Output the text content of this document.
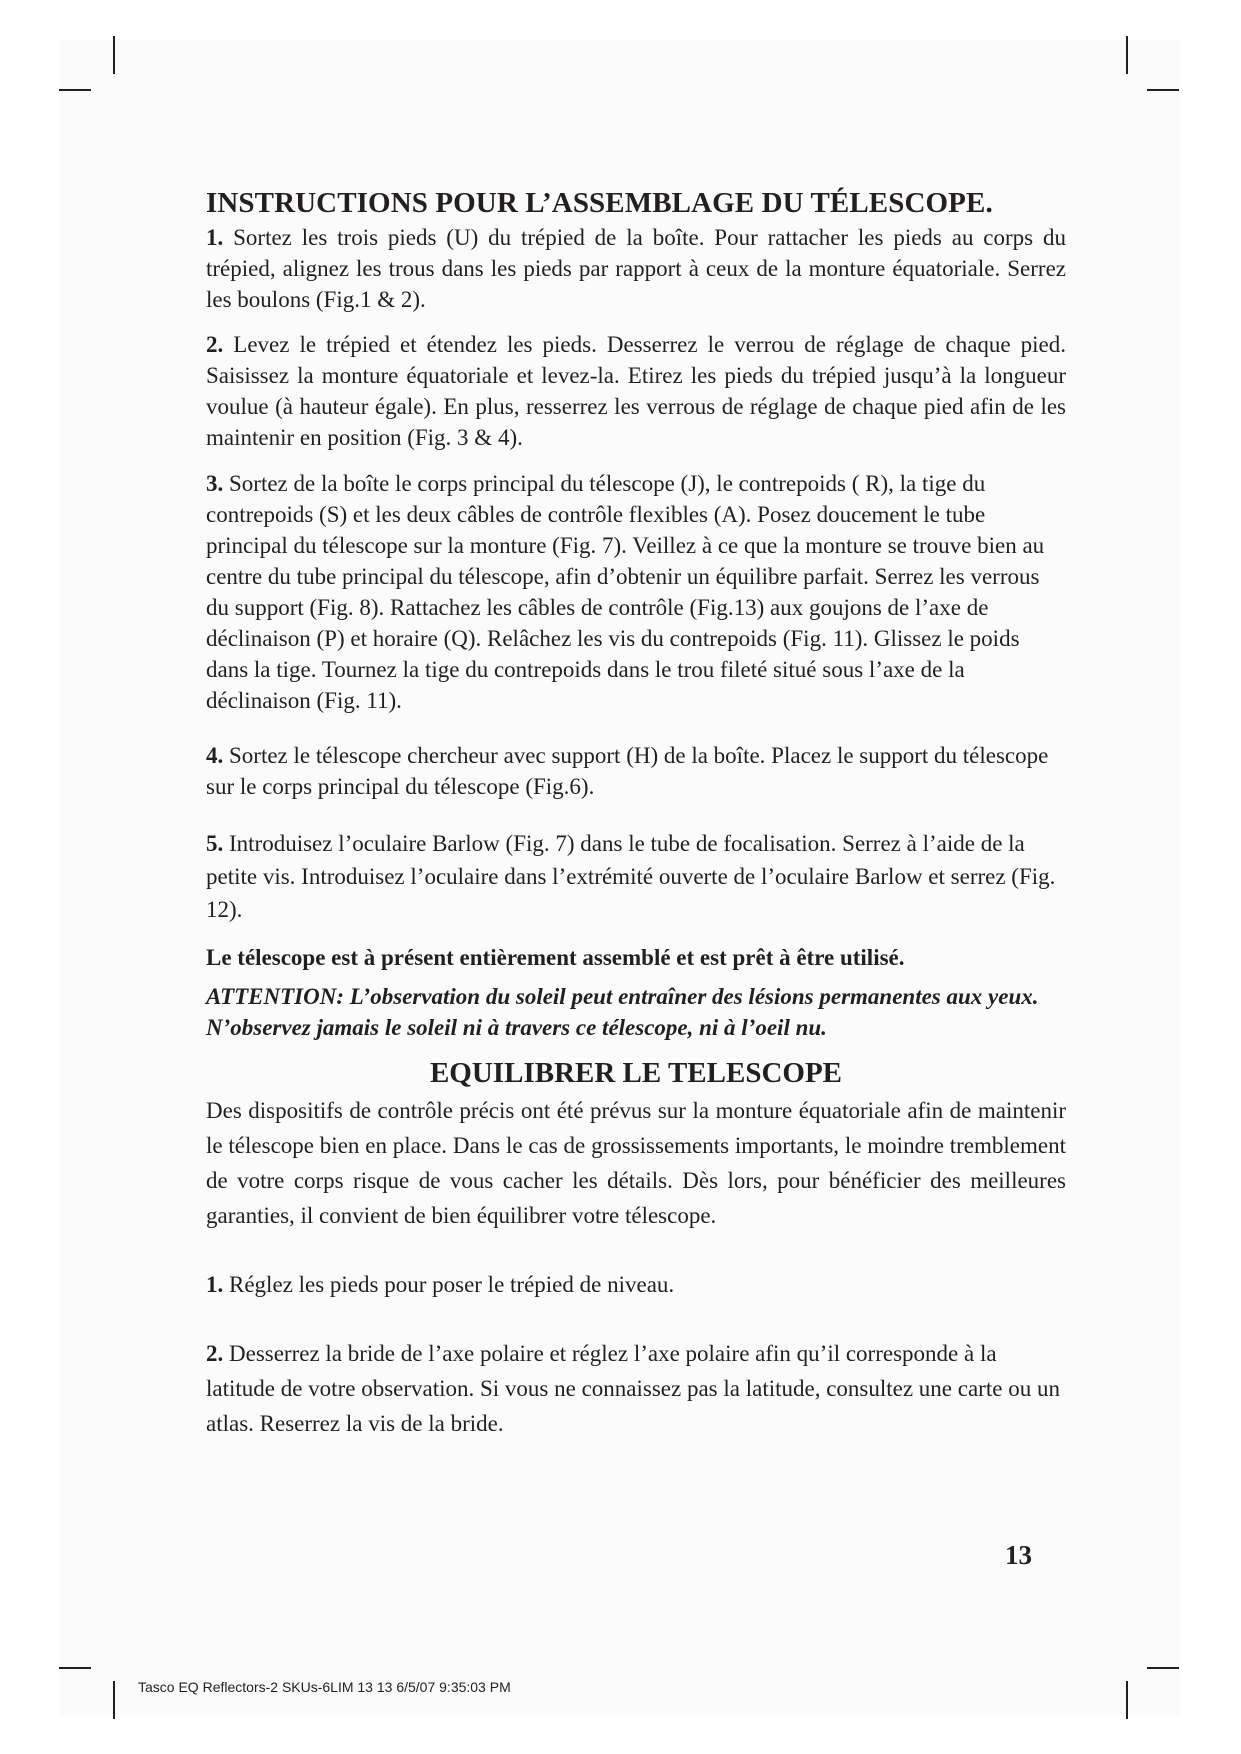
INSTRUCTIONS POUR L’ASSEMBLAGE DU TÉLESCOPE.

1. Sortez les trois pieds (U) du trépied de la boîte. Pour rattacher les pieds au corps du trépied, alignez les trous dans les pieds par rapport à ceux de la monture équatoriale. Serrez les boulons (Fig.1 & 2).

2. Levez le trépied et étendez les pieds. Desserrez le verrou de réglage de chaque pied. Saisissez la monture équatoriale et levez-la. Etirez les pieds du trépied jusqu’à la longueur voulue (à hauteur égale). En plus, resserrez les verrous de réglage de chaque pied afin de les maintenir en position (Fig. 3 & 4).

3. Sortez de la boîte le corps principal du télescope (J), le contrepoids ( R), la tige du contrepoids (S) et les deux câbles de contrôle flexibles (A). Posez doucement le tube principal du télescope sur la monture (Fig. 7). Veillez à ce que la monture se trouve bien au centre du tube principal du télescope, afin d’obtenir un équilibre parfait. Serrez les verrous du support (Fig. 8). Rattachez les câbles de contrôle (Fig.13) aux goujons de l’axe de déclinaison (P) et horaire (Q). Relâchez les vis du contrepoids (Fig. 11). Glissez le poids dans la tige. Tournez la tige du contrepoids dans le trou fileté situé sous l’axe de la déclinaison (Fig. 11).

4. Sortez le télescope chercheur avec support (H) de la boîte. Placez le support du télescope sur le corps principal du télescope (Fig.6).

5. Introduisez l’oculaire Barlow (Fig. 7) dans le tube de focalisation. Serrez à l’aide de la petite vis. Introduisez l’oculaire dans l’extrémité ouverte de l’oculaire Barlow et serrez (Fig. 12).

Le télescope est à présent entièrement assemblé et est prêt à être utilisé.

ATTENTION: L’observation du soleil peut entraîner des lésions permanentes aux yeux. N’observez jamais le soleil ni à travers ce télescope, ni à l’oeil nu.

EQUILIBRER LE TELESCOPE

Des dispositifs de contrôle précis ont été prévus sur la monture équatoriale afin de maintenir le télescope bien en place. Dans le cas de grossissements importants, le moindre tremblement de votre corps risque de vous cacher les détails. Dès lors, pour bénéficier des meilleures garanties, il convient de bien équilibrer votre télescope.

1. Réglez les pieds pour poser le trépied de niveau.

2. Desserrez la bride de l’axe polaire et réglez l’axe polaire afin qu’il corresponde à la latitude de votre observation. Si vous ne connaissez pas la latitude, consultez une carte ou un atlas. Reserrez la vis de la bride.

13
Tasco EQ Reflectors-2 SKUs-6LIM 13 13 6/5/07 9:35:03 PM
